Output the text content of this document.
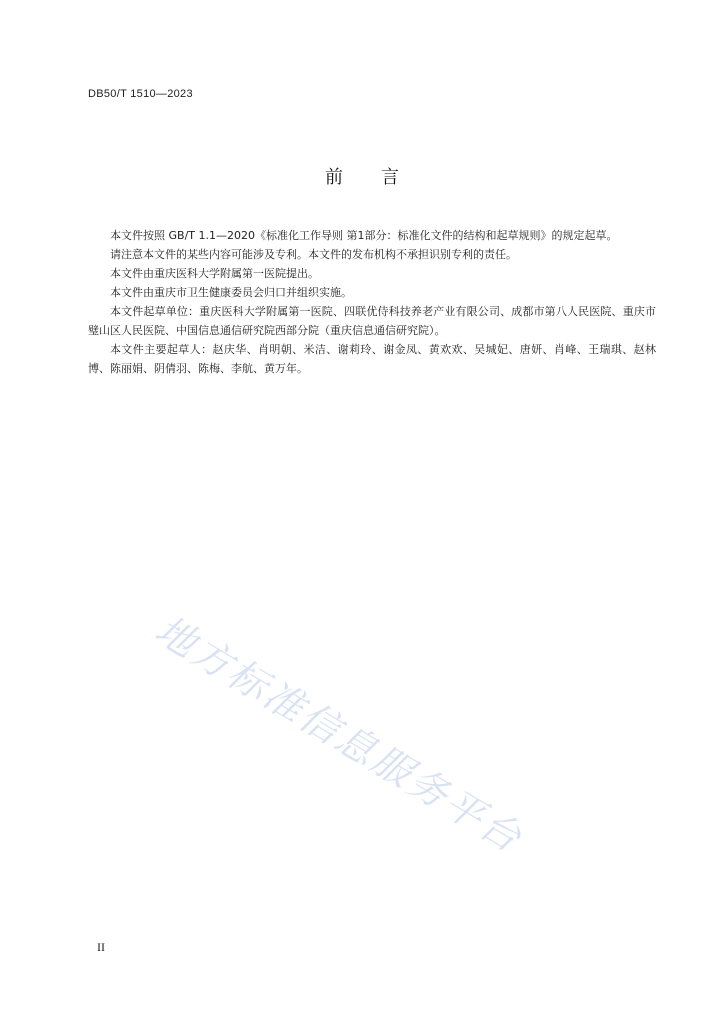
DB50/T 1510—2023
前 言

本文件按照 GB/T 1.1—2020《标准化工作导则 第1部分：标准化文件的结构和起草规则》的规定起草。

请注意本文件的某些内容可能涉及专利。本文件的发布机构不承担识别专利的责任。

本文件由重庆医科大学附属第一医院提出。

本文件由重庆市卫生健康委员会归口并组织实施。

本文件起草单位：重庆医科大学附属第一医院、四联优侍科技养老产业有限公司、成都市第八人民医院、重庆市璧山区人民医院、中国信息通信研究院西部分院（重庆信息通信研究院）。

本文件主要起草人：赵庆华、肖明朝、米洁、谢莉玲、谢金凤、黄欢欢、吴城妃、唐妍、肖峰、王瑞琪、赵林博、陈丽娟、阴倩羽、陈梅、李航、黄万年。

地方标准信息服务平台
II
